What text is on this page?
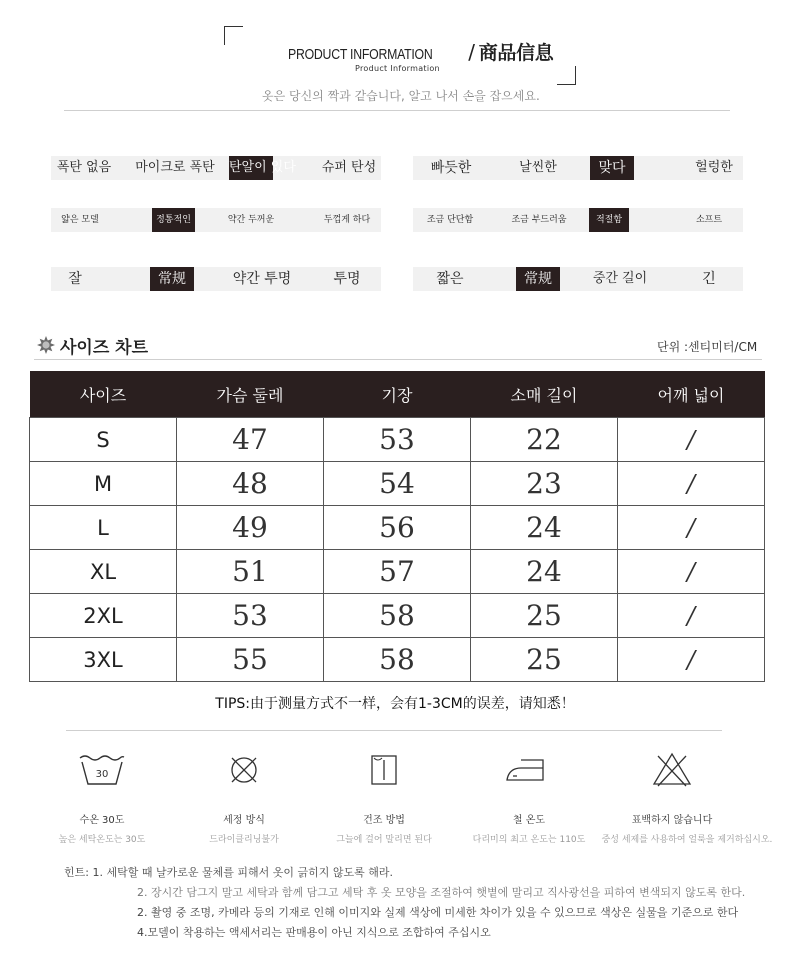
PRODUCT INFORMATION / 商品信息
Product Information
옷은 당신의 짝과 같습니다, 알고 나서 손을 잡으세요.
폭탄 없음	마이크로 폭탄 탄알이 있다	슈퍼 탄성	빠듯한	날씬한	맞다	헐렁한
얇은 모델	정통적인	약간 두꺼운	두껍게 하다	조금 단단함	조금 부드러움	적절함	소프트
잘	常规	약간 투명	투명	짧은	常规	중간 길이	긴
사이즈 차트	단위 :센티미터/CM
사이즈	가슴 둘레	기장	소매 길이	어깨 넓이
S	47	53	22	/
M	48	54	23	/
L	49	56	24	/
XL	51	57	24	/
2XL	53	58	25	/
3XL	55	58	25	/
TIPS:由于测量方式不一样，会有1-3CM的误差，请知悉！
30
수온 30도
높은 세탁온도는 30도
세정 방식
드라이클리닝불가
건조 방법
그늘에 걸어 말리면 된다
철 온도
다리미의 최고 온도는 110도
표백하지 않습니다
중성 세제를 사용하여 얼룩을 제거하십시오.
힌트: 1. 세탁할 때 날카로운 물체를 피해서 옷이 긁히지 않도록 해라.
2. 장시간 담그지 말고 세탁과 함께 담그고 세탁 후 옷 모양을 조절하여 햇볕에 말리고 직사광선을 피하여 변색되지 않도록 한다.
2. 촬영 중 조명, 카메라 등의 기재로 인해 이미지와 실제 색상에 미세한 차이가 있을 수 있으므로 색상은 실물을 기준으로 한다
4.모델이 착용하는 액세서리는 판매용이 아닌 지식으로 조합하여 주십시오
